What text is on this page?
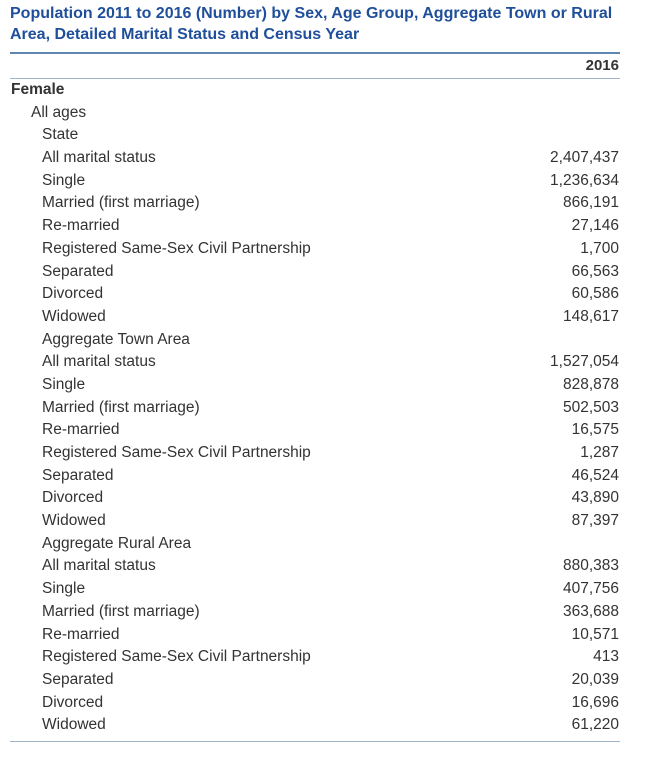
Population 2011 to 2016 (Number) by Sex, Age Group, Aggregate Town or Rural Area, Detailed Marital Status and Census Year
2016
Female
All ages
State
All marital status	2,407,437
Single	1,236,634
Married (first marriage)	866,191
Re-married	27,146
Registered Same-Sex Civil Partnership	1,700
Separated	66,563
Divorced	60,586
Widowed	148,617
Aggregate Town Area
All marital status	1,527,054
Single	828,878
Married (first marriage)	502,503
Re-married	16,575
Registered Same-Sex Civil Partnership	1,287
Separated	46,524
Divorced	43,890
Widowed	87,397
Aggregate Rural Area
All marital status	880,383
Single	407,756
Married (first marriage)	363,688
Re-married	10,571
Registered Same-Sex Civil Partnership	413
Separated	20,039
Divorced	16,696
Widowed	61,220
